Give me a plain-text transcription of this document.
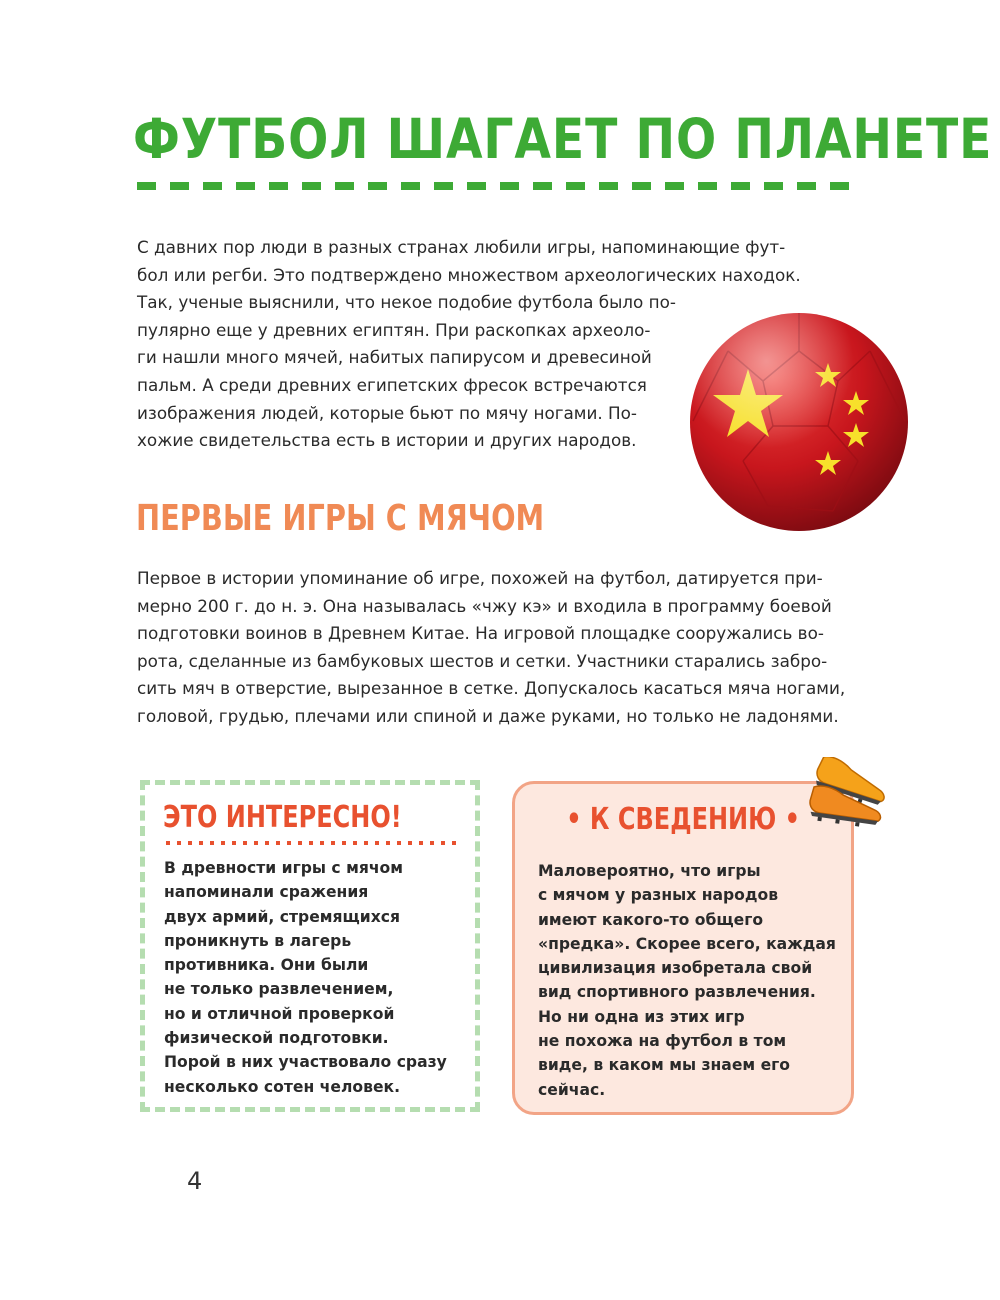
ФУТБОЛ ШАГАЕТ ПО ПЛАНЕТЕ
С давних пор люди в разных странах любили игры, напоминающие фут-
бол или регби. Это подтверждено множеством археологических находок.
Так, ученые выяснили, что некое подобие футбола было по-
пулярно еще у древних египтян. При раскопках археоло-
ги нашли много мячей, набитых папирусом и древесиной
пальм. А среди древних египетских фресок встречаются
изображения людей, которые бьют по мячу ногами. По-
хожие свидетельства есть в истории и других народов.
ПЕРВЫЕ ИГРЫ С МЯЧОМ
Первое в истории упоминание об игре, похожей на футбол, датируется при-
мерно 200 г. до н. э. Она называлась «чжу кэ» и входила в программу боевой
подготовки воинов в Древнем Китае. На игровой площадке сооружались во-
рота, сделанные из бамбуковых шестов и сетки. Участники старались забро-
сить мяч в отверстие, вырезанное в сетке. Допускалось касаться мяча ногами,
головой, грудью, плечами или спиной и даже руками, но только не ладонями.
ЭТО ИНТЕРЕСНО!
В древности игры с мячом
напоминали сражения
двух армий, стремящихся
проникнуть в лагерь
противника. Они были
не только развлечением,
но и отличной проверкой
физической подготовки.
Порой в них участвовало сразу
несколько сотен человек.
• К СВЕДЕНИЮ •
Маловероятно, что игры
с мячом у разных народов
имеют какого-то общего
«предка». Скорее всего, каждая
цивилизация изобретала свой
вид спортивного развлечения.
Но ни одна из этих игр
не похожа на футбол в том
виде, в каком мы знаем его
сейчас.
4
